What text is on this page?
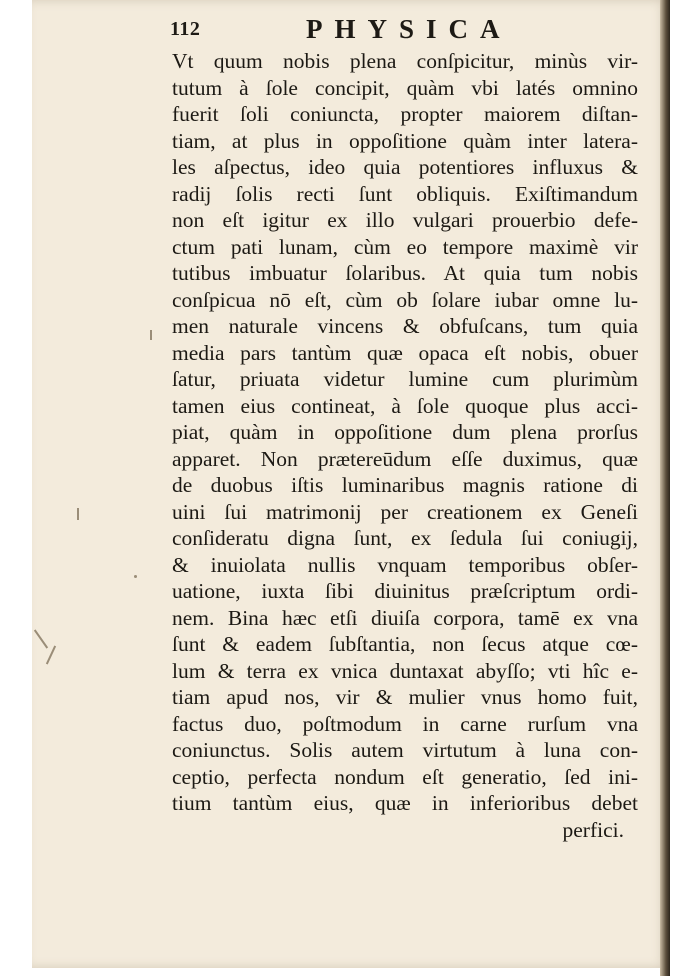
112	PHYSICA
Vt quum nobis plena conſpicitur, minùs vir-
tutum à ſole concipit, quàm vbi latés omnino
fuerit ſoli coniuncta, propter maiorem diſtan-
tiam, at plus in oppoſitione quàm inter latera-
les aſpectus, ideo quia potentiores influxus &
radij ſolis recti ſunt obliquis. Exiſtimandum
non eſt igitur ex illo vulgari prouerbio defe-
ctum pati lunam, cùm eo tempore maximè vir
tutibus imbuatur ſolaribus. At quia tum nobis
conſpicua nō eſt, cùm ob ſolare iubar omne lu-
men naturale vincens & obfuſcans, tum quia
media pars tantùm quæ opaca eſt nobis, obuer
ſatur, priuata videtur lumine cum plurimùm
tamen eius contineat, à ſole quoque plus acci-
piat, quàm in oppoſitione dum plena prorſus
apparet. Non prætereūdum eſſe duximus, quæ
de duobus iſtis luminaribus magnis ratione di
uini ſui matrimonij per creationem ex Geneſi
conſideratu digna ſunt, ex ſedula ſui coniugij,
& inuiolata nullis vnquam temporibus obſer-
uatione, iuxta ſibi diuinitus præſcriptum ordi-
nem. Bina hæc etſi diuiſa corpora, tamē ex vna
ſunt & eadem ſubſtantia, non ſecus atque cœ-
lum & terra ex vnica duntaxat abyſſo; vti hîc e-
tiam apud nos, vir & mulier vnus homo fuit,
factus duo, poſtmodum in carne rurſum vna
coniunctus. Solis autem virtutum à luna con-
ceptio, perfecta nondum eſt generatio, ſed ini-
tium tantùm eius, quæ in inferioribus debet
perfici.
